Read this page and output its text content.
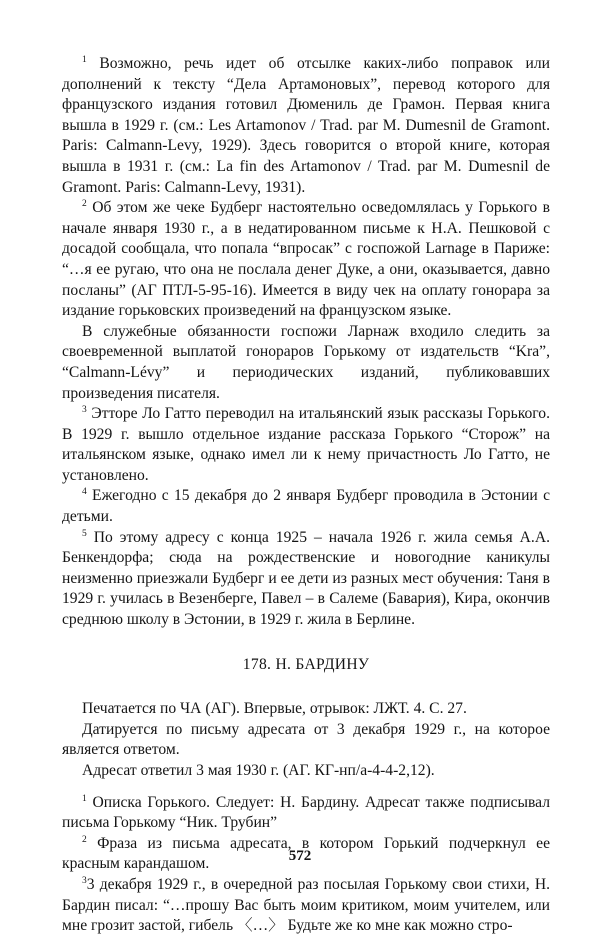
$^1$ Возможно, речь идет об отсылке каких-либо поправок или дополнений к тексту “Дела Артамоновых”, перевод которого для французского издания готовил Дюмениль де Грамон. Первая книга вышла в 1929 г. (см.: Les Artamonov / Trad. par M. Dumesnil de Gramont. Paris: Calmann-Levy, 1929). Здесь говорится о второй книге, которая вышла в 1931 г. (см.: La fin des Artamonov / Trad. par M. Dumesnil de Gramont. Paris: Calmann-Levy, 1931).

$^2$ Об этом же чеке Будберг настоятельно осведомлялась у Горького в начале января 1930 г., а в недатированном письме к Н.А. Пешковой с досадой сообщала, что попала “впросак” с госпожой Larnage в Париже: “…я ее ругаю, что она не послала денег Дуке, а они, оказывается, давно посланы” (АГ ПТЛ-5-95-16). Имеется в виду чек на оплату гонорара за издание горьковских произведений на французском языке.

В служебные обязанности госпожи Ларнаж входило следить за своевременной выплатой гонораров Горькому от издательств “Kra”, “Calmann-Lévy” и периодических изданий, публиковавших произведения писателя.

$^3$ Этторе Ло Гатто переводил на итальянский язык рассказы Горького. В 1929 г. вышло отдельное издание рассказа Горького “Сторож” на итальянском языке, однако имел ли к нему причастность Ло Гатто, не установлено.

$^4$ Ежегодно с 15 декабря до 2 января Будберг проводила в Эстонии с детьми.

$^5$ По этому адресу с конца 1925 – начала 1926 г. жила семья А.А. Бенкендорфа; сюда на рождественские и новогодние каникулы неизменно приезжали Будберг и ее дети из разных мест обучения: Таня в 1929 г. училась в Везенберге, Павел – в Салеме (Бавария), Кира, окончив среднюю школу в Эстонии, в 1929 г. жила в Берлине.

178. Н. БАРДИНУ

Печатается по ЧА (АГ). Впервые, отрывок: ЛЖТ. 4. С. 27.

Датируется по письму адресата от 3 декабря 1929 г., на которое является ответом.

Адресат ответил 3 мая 1930 г. (АГ. КГ-нп/а-4-4-2,12).

$^1$ Описка Горького. Следует: Н. Бардину. Адресат также подписывал письма Горькому “Ник. Трубин”

$^2$ Фраза из письма адресата, в котором Горький подчеркнул ее красным карандашом.

$^3$3 декабря 1929 г., в очередной раз посылая Горькому свои стихи, Н. Бардин писал: “…прошу Вас быть моим критиком, моим учителем, или мне грозит застой, гибель 〈…〉 Будьте же ко мне как можно стро-

572
